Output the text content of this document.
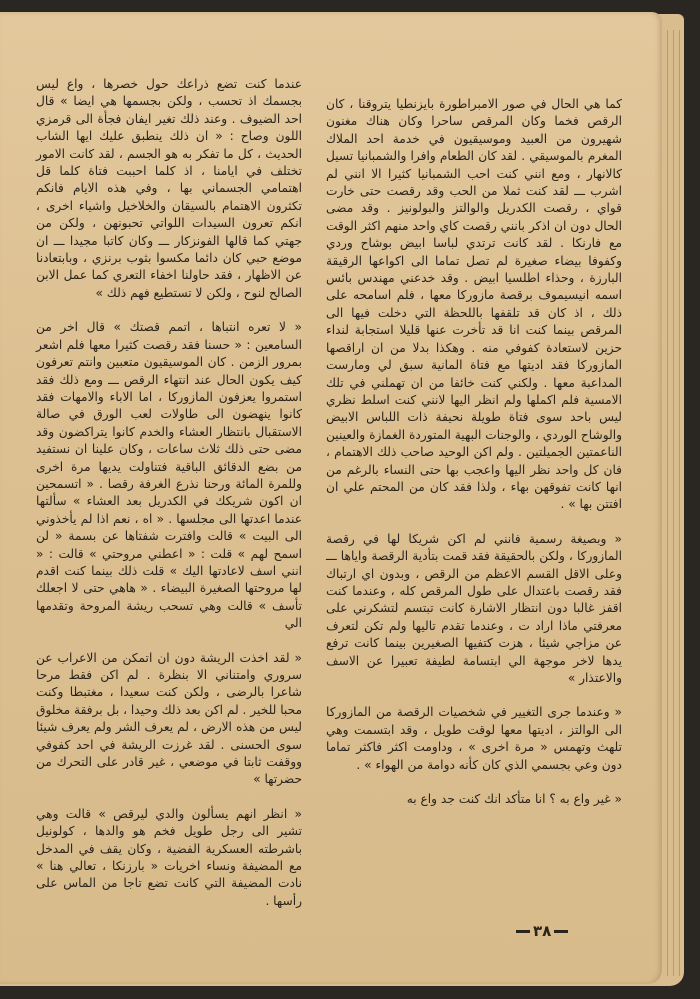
كما هي الحال في صور الامبراطورة بايزنطيا يتروقنا ، كان الرقص فخما وكان المرقص ساحرا وكان هناك مغنون شهيرون من العبيد وموسيقيون في خدمة احد الملاك المغرم بالموسيقي . لقد كان الطعام وافرا والشمبانيا تسيل كالانهار ، ومع انني كنت احب الشمبانيا كثيرا الا انني لم اشرب ـــ لقد كنت ثملا من الحب وقد رقصت حتى خارت قواي ، رقصت الكدريل والوالتز والبولونيز . وقد مضى الحال دون ان اذكر بانني رقصت كاي واحد منهم اكثر الوقت مع فارنكا . لقد كانت ترتدي لباسا ابيض بوشاح وردي وكفوفا بيضاء صغيرة لم تصل تماما الى اكواعها الرقيقة البارزة ، وحذاء اطلسيا ابيض . وقد خدعني مهندس بائس اسمه انيسيموف برقصة مازوركا معها ، فلم اسامحه على ذلك ، اذ كان قد تلقفها باللحظة التي دخلت فيها الى المرقص بينما كنت انا قد تأخرت عنها قليلا استجابة لنداء حزين لاستعادة كفوفي منه . وهكذا بدلا من ان اراقصها المازوركا فقد اديتها مع فتاة المانية سبق لي ومارست المداعبة معها . ولكني كنت خائفا من ان تهملني في تلك الامسية فلم اكملها ولم انظر اليها لانني كنت اسلط نظري ليس باحد سوى فتاة طويلة نحيفة ذات اللباس الابيض والوشاح الوردي ، والوجنات البهية المتوردة الغمازة والعينين الناعمتين الجميلتين . ولم اكن الوحيد صاحب ذلك الاهتمام ، فان كل واحد نظر اليها واعجب بها حتى النساء بالرغم من انها كانت تفوقهن بهاء ، ولذا فقد كان من المحتم علي ان افتتن بها » .

« وبصيغة رسمية فانني لم اكن شريكا لها في رقصة المازوركا ، ولكن بالحقيقة فقد قمت بتأدية الرقصة واياها ـــ وعلى الاقل القسم الاعظم من الرقص ، وبدون اي ارتباك فقد رقصت باعتدال على طول المرقص كله ، وعندما كنت اقفز غالبا دون انتظار الاشارة كانت تبتسم لتشكرني على معرفتي ماذا اراد ت ، وعندما تقدم تاليها ولم تكن لتعرف عن مزاجي شيئا ، هزت كتفيها الصغيرين بينما كانت ترفع يدها لاخر موجهة الي ابتسامة لطيفة تعبيرا عن الاسف والاعتذار »

« وعندما جرى التغيير في شخصيات الرقصة من المازوركا الى الوالتز ، اديتها معها لوقت طويل ، وقد ابتسمت وهي تلهث وتهمس « مرة اخرى » ، وداومت اكثر فاكثر تماما دون وعي بجسمي الذي كان كأنه دوامة من الهواء » .

« غير واع به ؟ انا متأكد انك كنت جد واع به

عندما كنت تضع ذراعك حول خصرها ، واع ليس بجسمك اذ تحسب ، ولكن بجسمها هي ايضا » قال احد الضيوف . وعند ذلك تغير ايفان فجأة الى قرمزي اللون وصاح : « ان ذلك ينطبق عليك ايها الشاب الحديث ، كل ما تفكر به هو الجسم ، لقد كانت الامور تختلف في ايامنا ، اذ كلما احببت فتاة كلما قل اهتمامي الجسماني بها ، وفي هذه الايام فانكم تكثرون الاهتمام بالسيقان والخلاخيل واشياء اخرى ، انكم تعرون السيدات اللواتي تحبونهن ، ولكن من جهتي كما قالها الفونزكار ـــ وكان كاتبا مجيدا ـــ ان موضع حبي كان دائما مكسوا بثوب برنزي ، وبابتعادنا عن الاظهار ، فقد حاولنا اخفاء التعري كما عمل الابن الصالح لنوح ، ولكن لا تستطيع فهم ذلك »

« لا تعره انتباها ، اتمم قصتك » قال اخر من السامعين : « حسنا فقد رقصت كثيرا معها فلم اشعر بمرور الزمن . كان الموسيقيون متعبين وانتم تعرفون كيف يكون الحال عند انتهاء الرقص ـــ ومع ذلك فقد استمروا يعزفون المازوركا ، اما الاباء والامهات فقد كانوا ينهضون الى طاولات لعب الورق في صالة الاستقبال بانتظار العشاء والخدم كانوا يتراكضون وقد مضى حتى ذلك ثلاث ساعات ، وكان علينا ان نستفيد من بضع الدقائق الباقية فتناولت يديها مرة اخرى وللمرة المائة ورحنا نذرع الغرفة رقصا . « اتسمحين ان اكون شريكك في الكدريل بعد العشاء » سألتها عندما اعدتها الى مجلسها . « اه ، نعم اذا لم يأخذوني الى البيت » قالت وافترت شفتاها عن بسمة « لن اسمح لهم » قلت : « اعطني مروحتي » قالت : « انني اسف لاعادتها اليك » قلت ذلك بينما كنت اقدم لها مروحتها الصغيرة البيضاء . « هاهي حتى لا اجعلك تأسف » قالت وهي تسحب ريشة المروحة وتقدمها الي

« لقد اخذت الريشة دون ان اتمكن من الاعراب عن سروري وامتناني الا بنظرة . لم اكن فقط مرحا شاعرا بالرضى ، ولكن كنت سعيدا ، مغتبطا وكنت محبا للخير . لم اكن بعد ذلك وحيدا ، بل برفقة مخلوق ليس من هذه الارض ، لم يعرف الشر ولم يعرف شيئا سوى الحسنى . لقد غرزت الريشة في احد كفوفي ووقفت ثابتا في موضعي ، غير قادر على التحرك من حضرتها »

« انظر انهم يسألون والدي ليرقص » قالت وهي تشير الى رجل طويل فخم هو والدها ، كولونيل باشرطته العسكرية الفضية ، وكان يقف في المدخل مع المضيفة ونساء اخريات « بارزنكا ، تعالي هنا » نادت المضيفة التي كانت تضع تاجا من الماس على رأسها .

٣٨
